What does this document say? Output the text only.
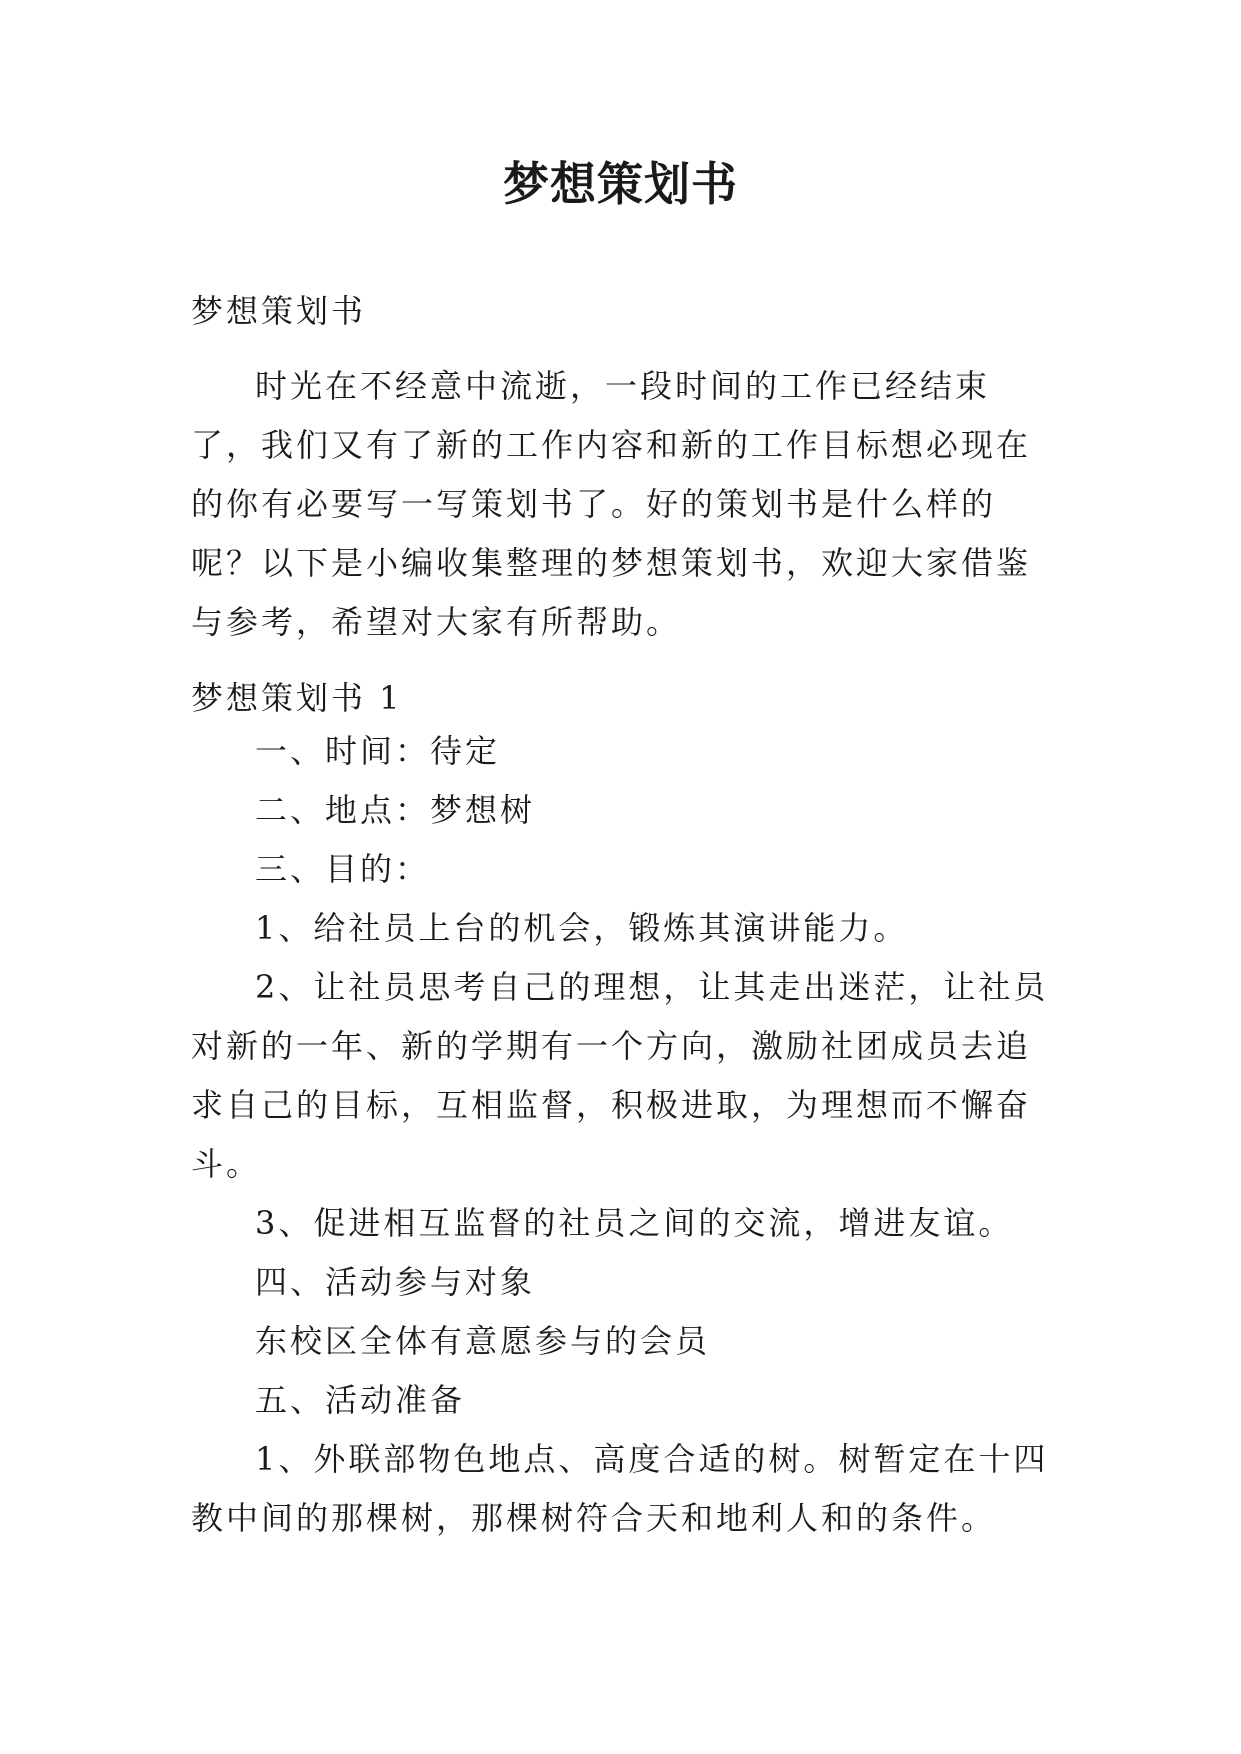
梦想策划书

梦想策划书

时光在不经意中流逝，一段时间的工作已经结束了，我们又有了新的工作内容和新的工作目标想必现在的你有必要写一写策划书了。好的策划书是什么样的呢？以下是小编收集整理的梦想策划书，欢迎大家借鉴与参考，希望对大家有所帮助。

梦想策划书 1

一、时间：待定

二、地点：梦想树

三、目的：

1、给社员上台的机会，锻炼其演讲能力。

2、让社员思考自己的理想，让其走出迷茫，让社员对新的一年、新的学期有一个方向，激励社团成员去追求自己的目标，互相监督，积极进取，为理想而不懈奋斗。

3、促进相互监督的社员之间的交流，增进友谊。

四、活动参与对象

东校区全体有意愿参与的会员

五、活动准备

1、外联部物色地点、高度合适的树。树暂定在十四教中间的那棵树，那棵树符合天和地利人和的条件。
